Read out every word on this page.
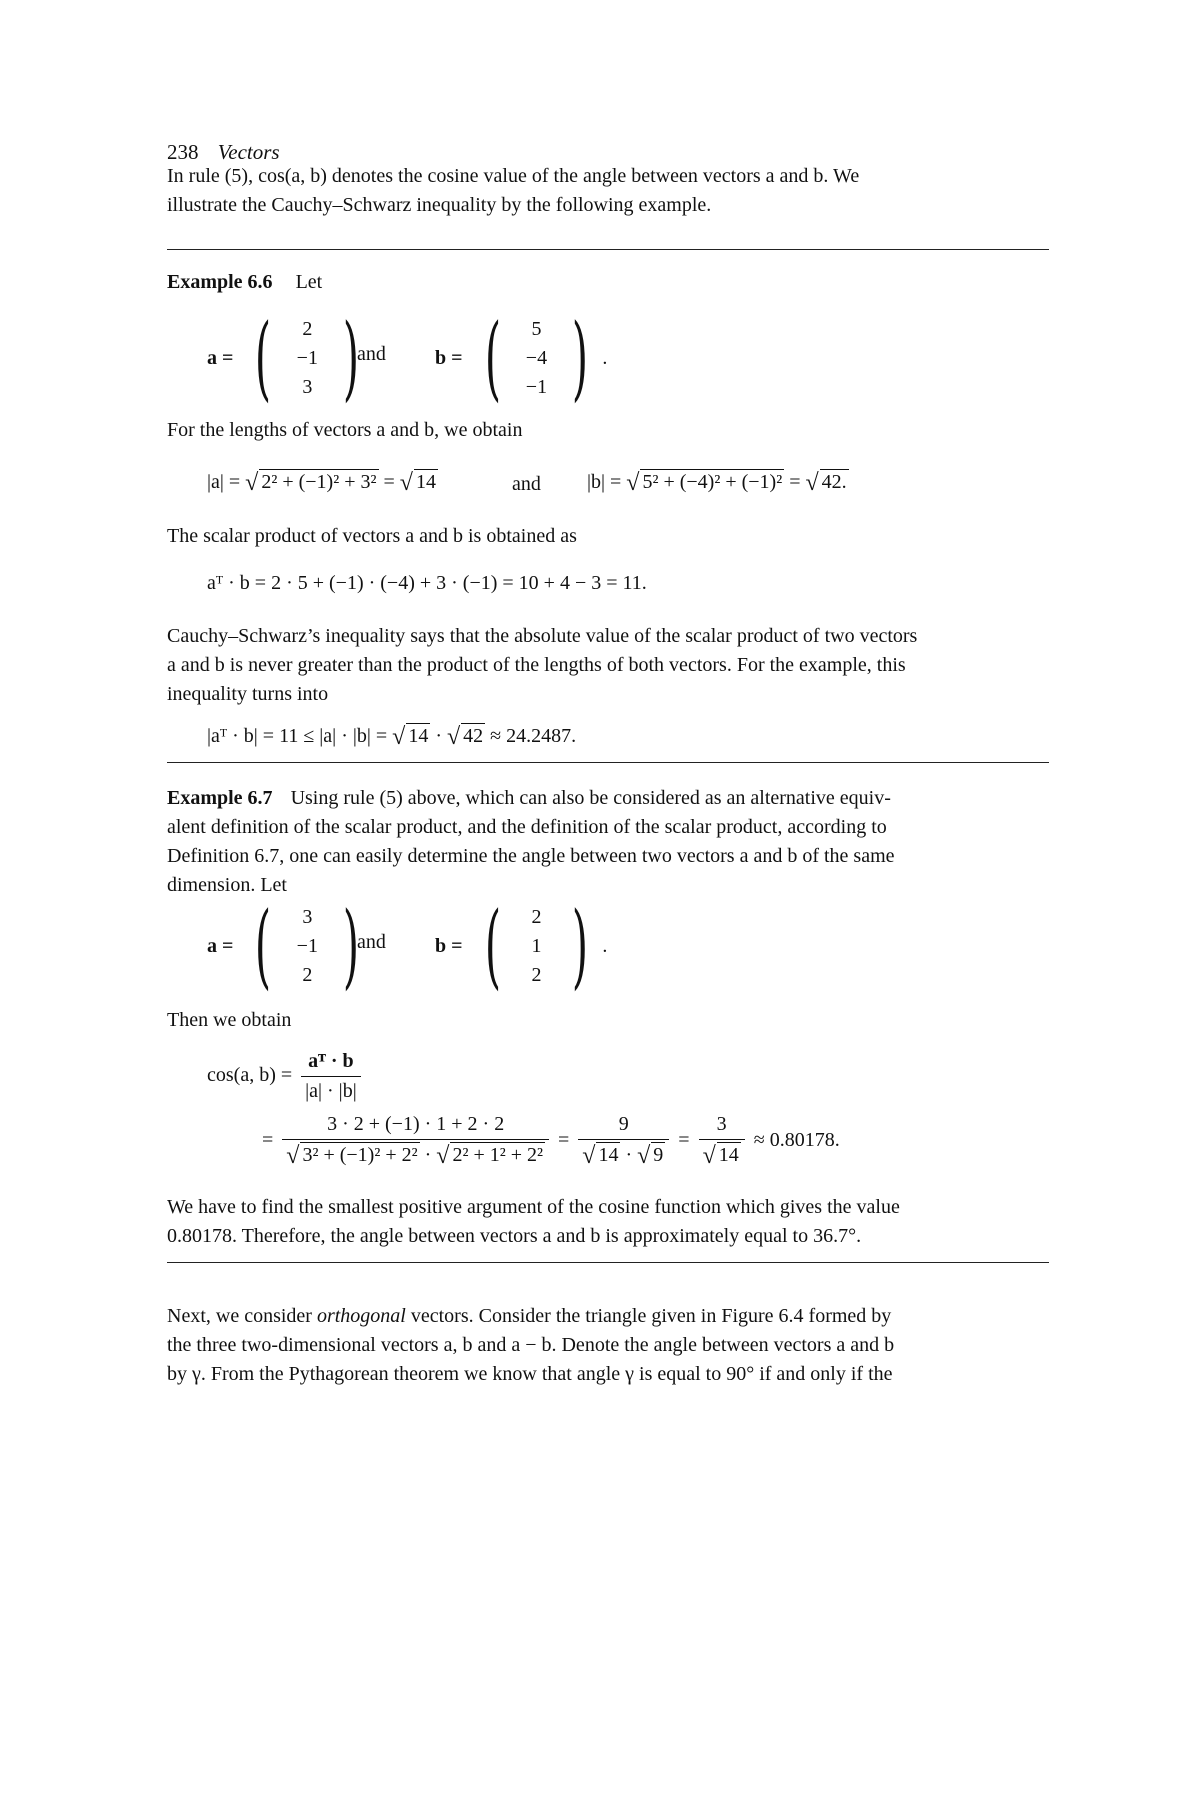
238 Vectors
In rule (5), cos(a, b) denotes the cosine value of the angle between vectors a and b. We
illustrate the Cauchy–Schwarz inequality by the following example.
Example 6.6 Let
a = ( 2
−1
3 )
and b = ( 5
−4
−1 ) .
For the lengths of vectors a and b, we obtain
|a| = √ 2² + (−1)² + 3² = √ 14	and |b| = √ 5² + (−4)² + (−1)² = √ 42.
The scalar product of vectors a and b is obtained as
aᵀ · b = 2 · 5 + (−1) · (−4) + 3 · (−1) = 10 + 4 − 3 = 11.
Cauchy–Schwarz’s inequality says that the absolute value of the scalar product of two vectors
a and b is never greater than the product of the lengths of both vectors. For the example, this
inequality turns into
|aᵀ · b| = 11 ≤ |a| · |b| = √ 14 · √ 42 ≈ 24.2487.
Example 6.7 Using rule (5) above, which can also be considered as an alternative equiv-
alent definition of the scalar product, and the definition of the scalar product, according to
Definition 6.7, one can easily determine the angle between two vectors a and b of the same
dimension. Let
a = ( 3
−1
2 )
and b = ( 2
1
2 ) .
Then we obtain
cos(a, $b) = \frac{\text{aᵀ · b}}{|a| \cdot |b|}$
= $\frac{3 \cdot 2 + (-1) \cdot 1 + 2 \cdot 2}{\text{√ 3² + (−1)² + 2² · √ 2² + 1² + 2²}} = \frac{9}{√ 14 \cdot √ 9} = \frac{3}{√ 14} \approx 0.80178$.
We have to find the smallest positive argument of the cosine function which gives the value
0.80178. Therefore, the angle between vectors a and b is approximately equal to 36.7°.
Next, we consider orthogonal vectors. Consider the triangle given in Figure 6.4 formed by
the three two-dimensional vectors a, b and a − b. Denote the angle between vectors a and b
by γ. From the Pythagorean theorem we know that angle γ is equal to 90° if and only if the
